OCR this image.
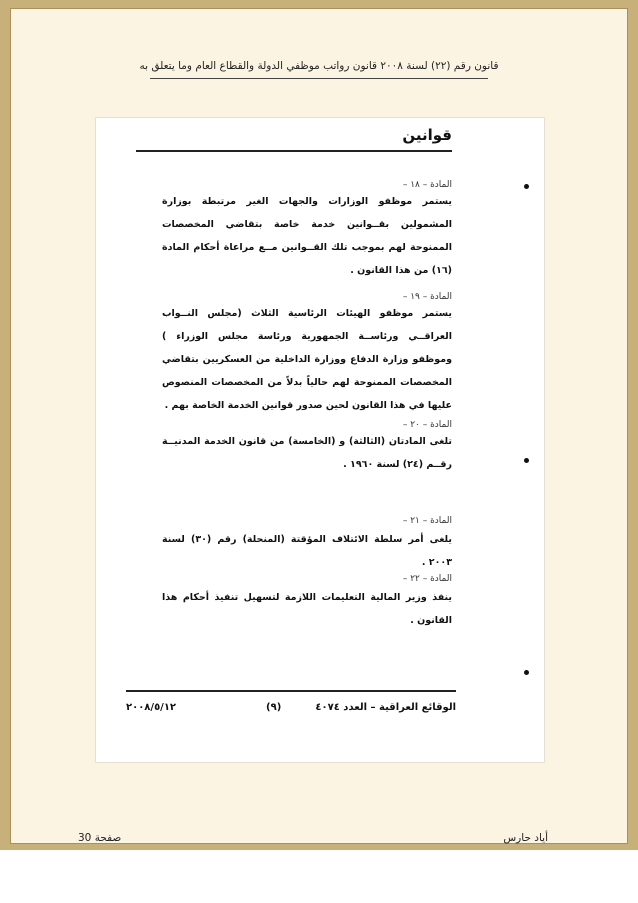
قانون رقم (٢٢) لسنة ٢٠٠٨ قانون رواتب موظفي الدولة والقطاع العام وما يتعلق به
قوانين
المادة – ١٨ –
يستمر موظفو الوزارات والجهات الغير مرتبطة بوزارة المشمولين بقــوانين خدمة خاصة بتقاضي المخصصات الممنوحة لهم بموجب تلك القــوانين مــع مراعاة أحكام المادة (١٦) من هذا القانون .
المادة – ١٩ –
يستمر موظفو الهيئات الرئاسية الثلاث (مجلس النــواب العراقــي ورئاســة الجمهورية ورئاسة مجلس الوزراء ) وموظفو وزارة الدفاع ووزارة الداخلية من العسكريين بتقاضي المخصصات الممنوحة لهم حالياً بدلاً من المخصصات المنصوص عليها في هذا القانون لحين صدور قوانين الخدمة الخاصة بهم .
المادة – ٢٠ –
تلغى المادتان (الثالثة) و (الخامسة) من قانون الخدمة المدنيــة رقــم (٢٤) لسنة ١٩٦٠ .
المادة – ٢١ –
يلغى أمر سلطة الائتلاف المؤقتة (المنحلة) رقم (٣٠) لسنة ٢٠٠٣ .
المادة – ٢٢ –
ينفذ وزير المالية التعليمات اللازمة لتسهيل تنفيذ أحكام هذا القانون .
الوقائع العراقية – العدد ٤٠٧٤
(٩)
٢٠٠٨/٥/١٢
صفحة 30	أياد حارس
